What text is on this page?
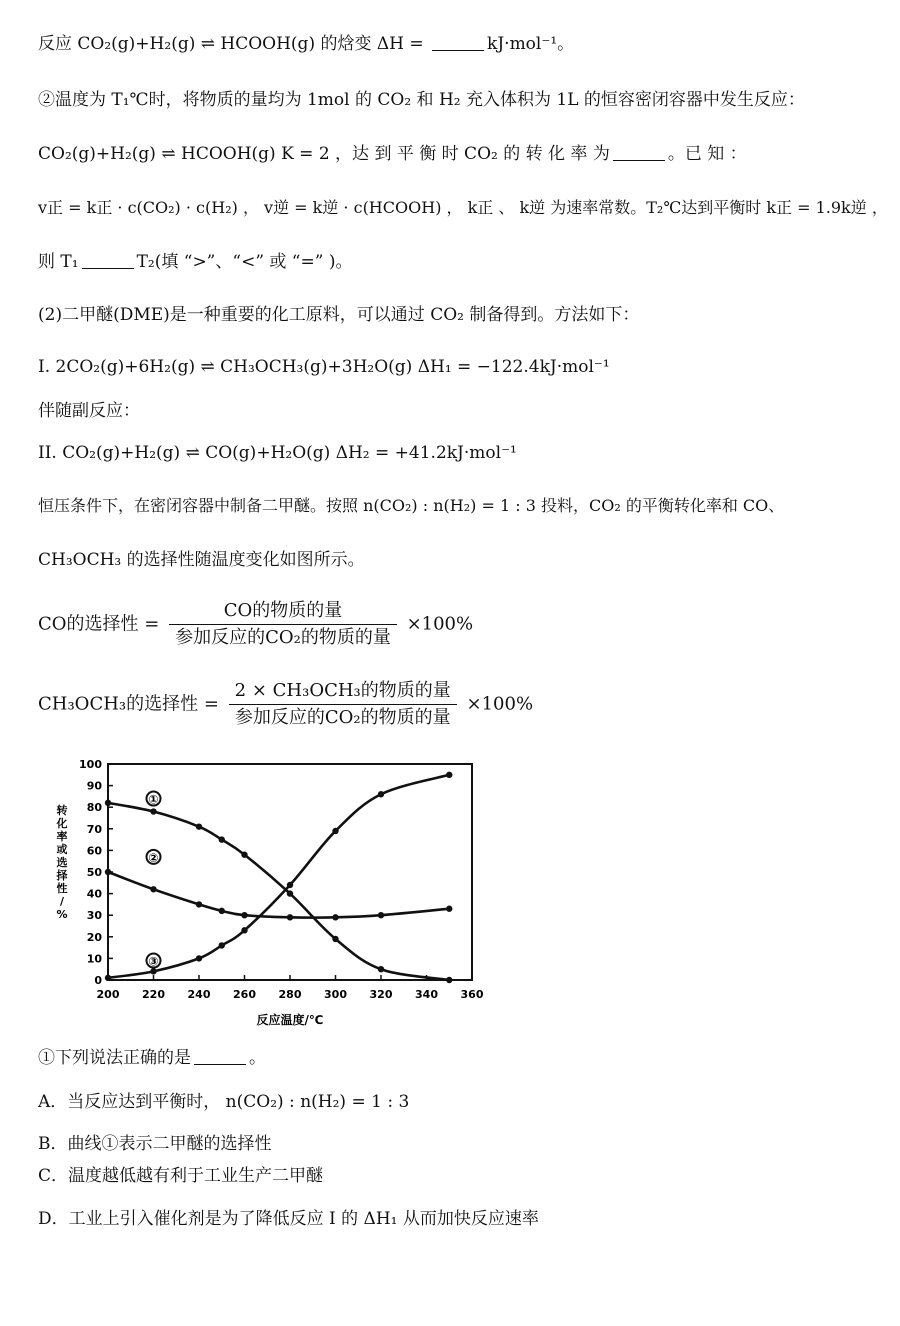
反应 CO₂(g)+H₂(g) ⇌ HCOOH(g) 的焓变 ΔH =	kJ·mol⁻¹。
②温度为 T₁℃时，将物质的量均为 1mol 的 CO₂ 和 H₂ 充入体积为 1L 的恒容密闭容器中发生反应：
CO₂(g)+H₂(g) ⇌ HCOOH(g) K = 2 ，达 到 平 衡 时 CO₂ 的 转 化 率 为	。已 知 ：
v正 = k正 · c(CO₂) · c(H₂) ， v逆 = k逆 · c(HCOOH) ， k正 、 k逆 为速率常数。T₂℃达到平衡时 k正 = 1.9k逆 ，
则 T₁	T₂(填 “>”、“<” 或 “=” )。
(2)二甲醚(DME)是一种重要的化工原料，可以通过 CO₂ 制备得到。方法如下：
I. 2CO₂(g)+6H₂(g) ⇌ CH₃OCH₃(g)+3H₂O(g) ΔH₁ = −122.4kJ·mol⁻¹
伴随副反应：
II. CO₂(g)+H₂(g) ⇌ CO(g)+H₂O(g) ΔH₂ = +41.2kJ·mol⁻¹
恒压条件下，在密闭容器中制备二甲醚。按照 n(CO₂) : n(H₂) = 1 : 3 投料，CO₂ 的平衡转化率和 CO、
CH₃OCH₃ 的选择性随温度变化如图所示。
CO的选择性 = $\frac{\text{CO的物质的量}}{\text{参加反应的CO₂的物质的量}} \times 100\%$
CH₃OCH₃的选择性 = $\frac{\text{2 × CH₃OCH₃的物质的量}}{\text{参加反应的CO₂的物质的量}} \times 100\%$
0
10
20
30
40
50
60
70
80
90
100
200 220 240 260 280 300 320 340 360
反应温度/℃
转
化
率
或
选
择
性
/
%
①
②
③
①下列说法正确的是	。
A．当反应达到平衡时， n(CO₂) : n(H₂) = 1 : 3
B．曲线①表示二甲醚的选择性
C．温度越低越有利于工业生产二甲醚
D．工业上引入催化剂是为了降低反应 I 的 ΔH₁ 从而加快反应速率
